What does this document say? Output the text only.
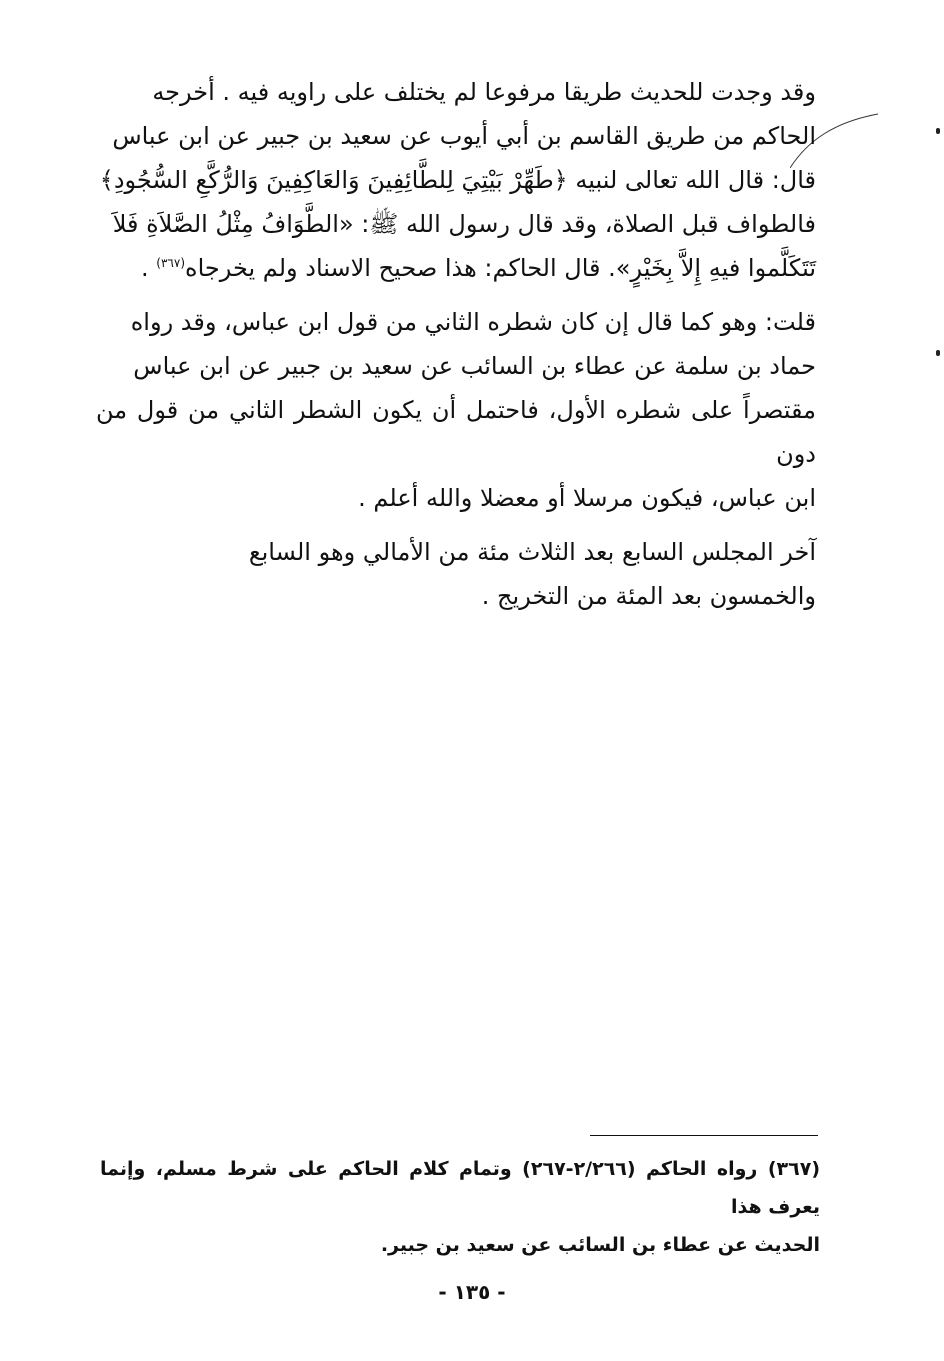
وقد وجدت للحديث طريقا مرفوعا لم يختلف على راويه فيه . أخرجه

الحاكم من طريق القاسم بن أبي أيوب عن سعيد بن جبير عن ابن عباس

قال: قال الله تعالى لنبيه ﴿طَهِّرْ بَيْتِيَ لِلطَّائِفِينَ وَالعَاكِفِينَ وَالرُّكَّعِ السُّجُودِ﴾

فالطواف قبل الصلاة، وقد قال رسول الله ﷺ: «الطَّوَافُ مِثْلُ الصَّلاَةِ فَلاَ

تَتَكَلَّموا فيهِ إِلاَّ بِخَيْرٍ». قال الحاكم: هذا صحيح الاسناد ولم يخرجاه$^{(٣٦٧)}$ .

قلت: وهو كما قال إن كان شطره الثاني من قول ابن عباس، وقد رواه

حماد بن سلمة عن عطاء بن السائب عن سعيد بن جبير عن ابن عباس

مقتصراً على شطره الأول، فاحتمل أن يكون الشطر الثاني من قول من دون

ابن عباس، فيكون مرسلا أو معضلا والله أعلم .

آخر المجلس السابع بعد الثلاث مئة من الأمالي وهو السابع

والخمسون بعد المئة من التخريج .

(٣٦٧) رواه الحاكم (٢/٢٦٦-٢٦٧) وتمام كلام الحاكم على شرط مسلم، وإنما يعرف هذا

الحديث عن عطاء بن السائب عن سعيد بن جبير.

- ١٣٥ -
